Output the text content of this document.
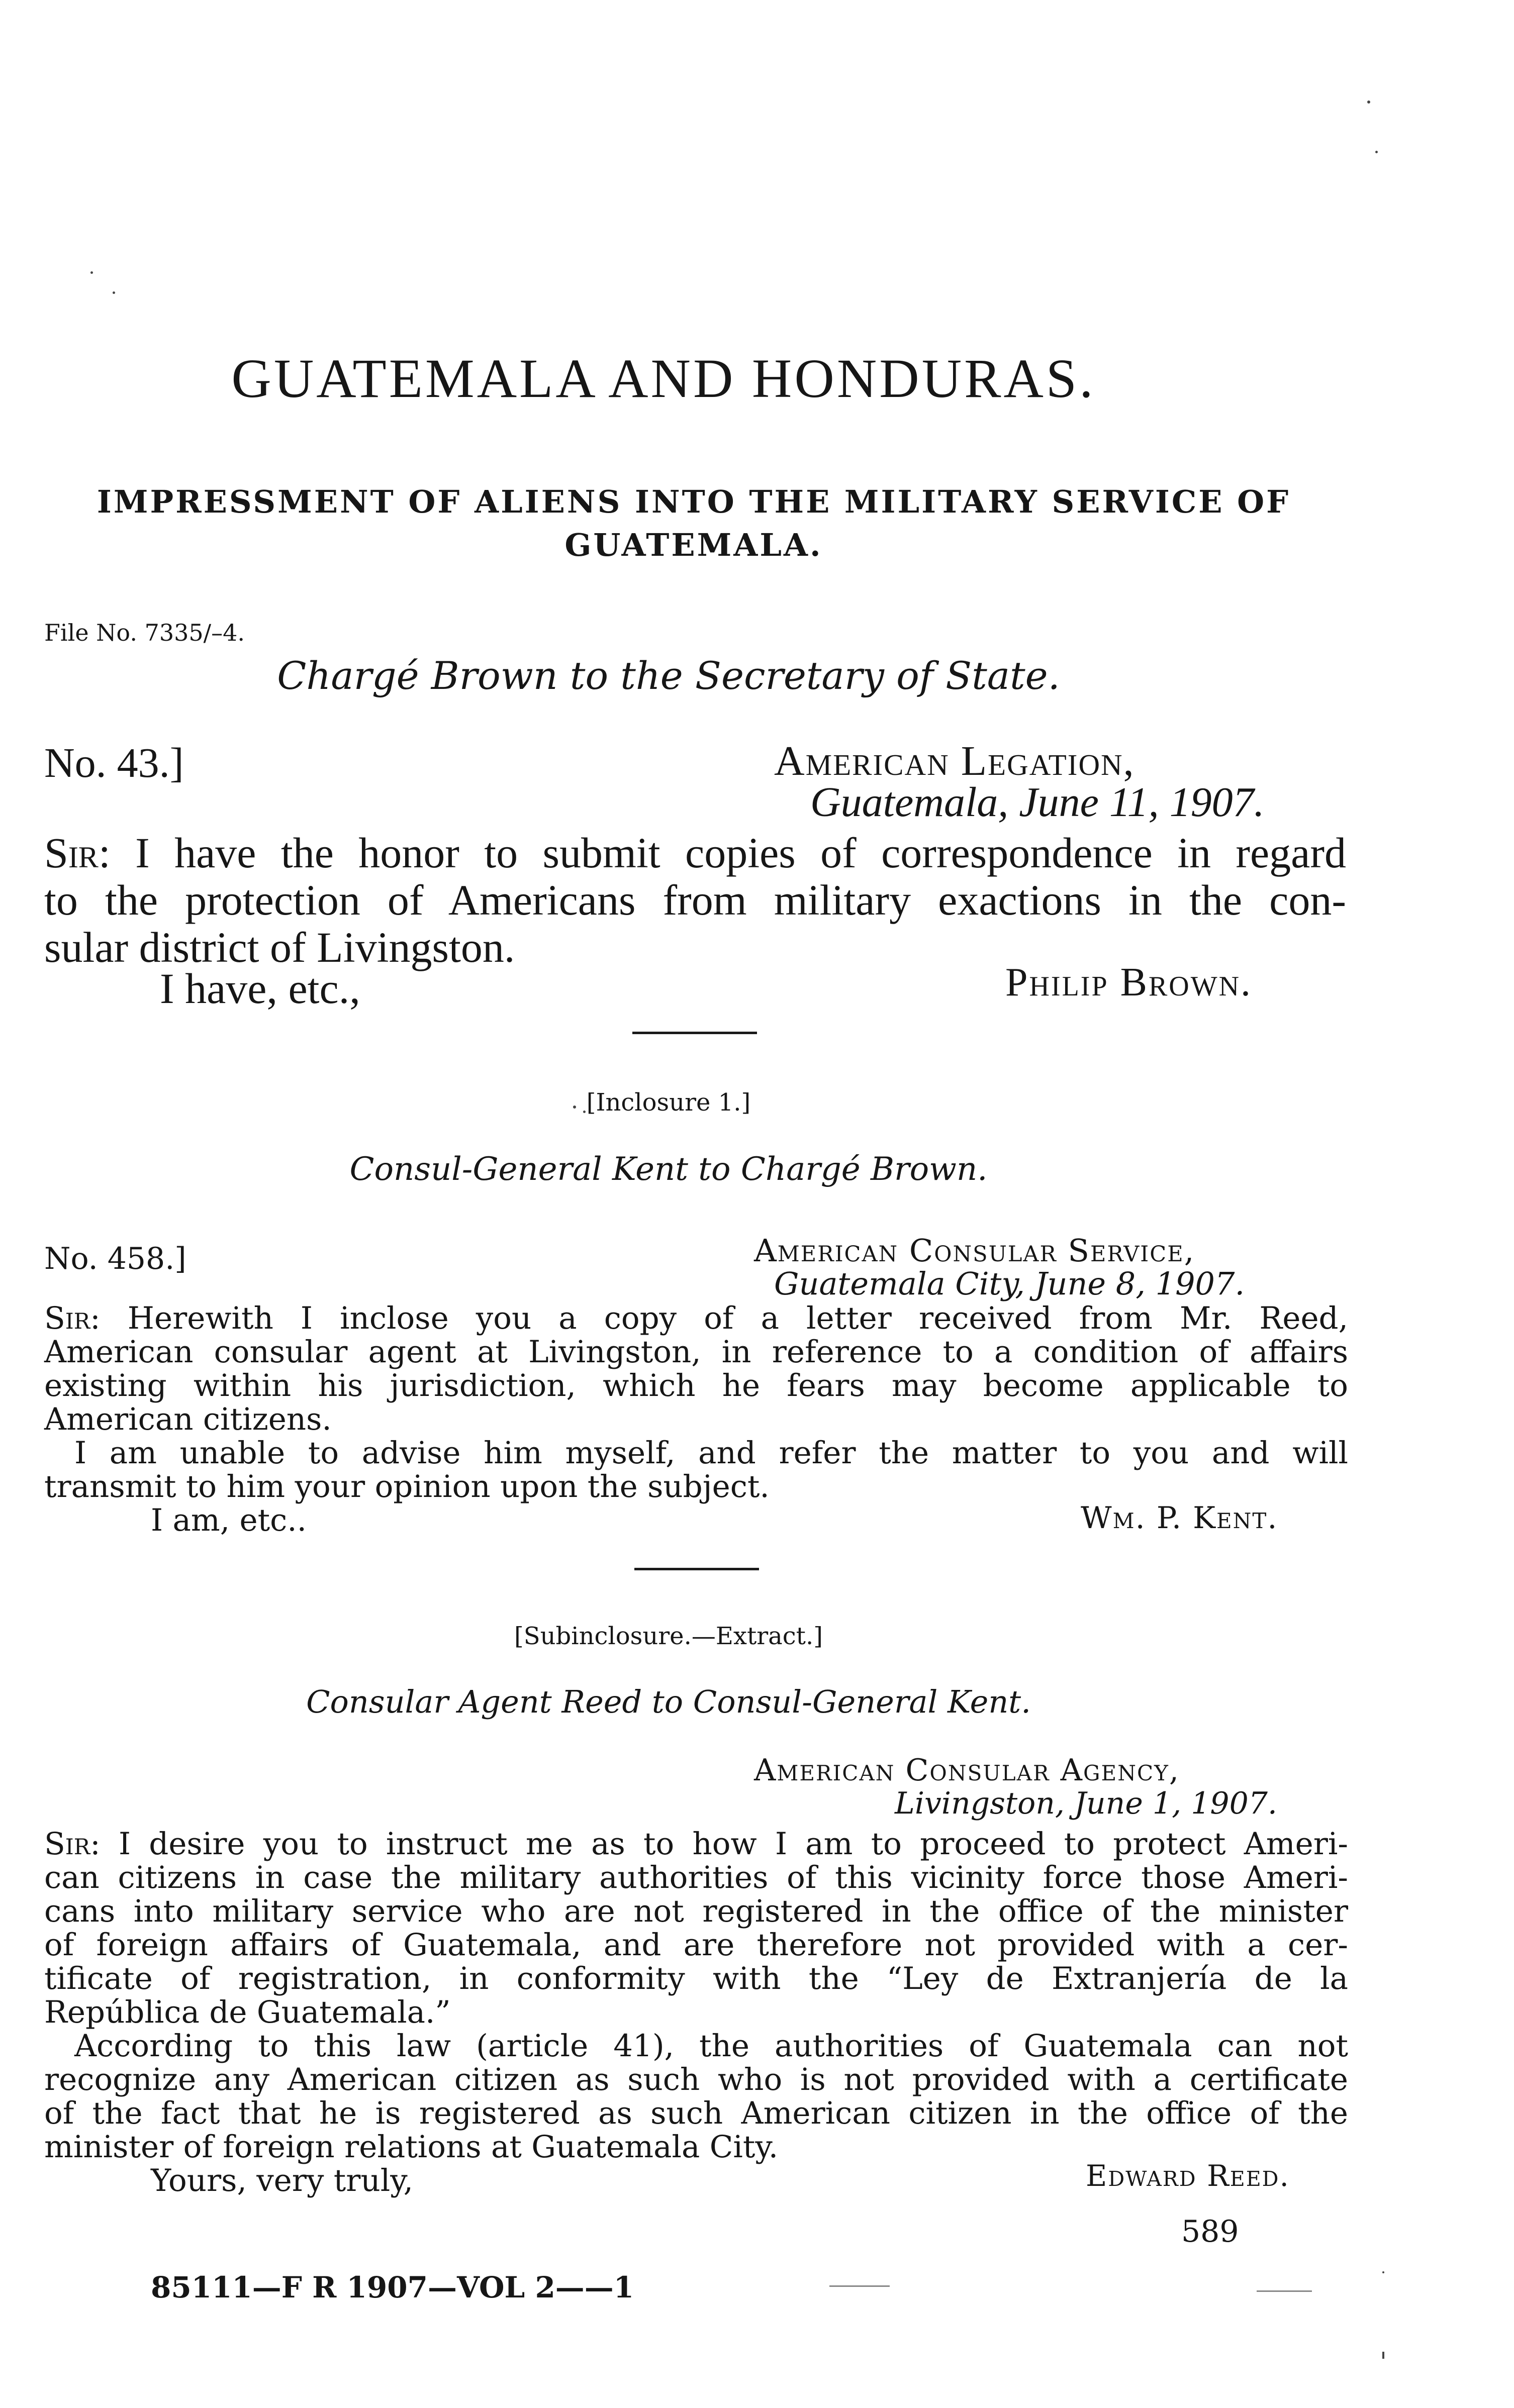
GUATEMALA AND HONDURAS.
IMPRESSMENT OF ALIENS INTO THE MILITARY SERVICE OF
GUATEMALA.
File No. 7335/–4.
Chargé Brown to the Secretary of State.
No. 43.]	American Legation,
Guatemala, June 11, 1907.
Sir: I have the honor to submit copies of correspondence in regard
to the protection of Americans from military exactions in the con-
sular district of Livingston.
I have, etc.,	Philip Brown.
[Inclosure 1.]
Consul-General Kent to Chargé Brown.
No. 458.]	American Consular Service,
Guatemala City, June 8, 1907.
Sir: Herewith I inclose you a copy of a letter received from Mr. Reed,
American consular agent at Livingston, in reference to a condition of affairs
existing within his jurisdiction, which he fears may become applicable to
American citizens.
I am unable to advise him myself, and refer the matter to you and will
transmit to him your opinion upon the subject.
I am, etc..	Wm. P. Kent.
[Subinclosure.—Extract.]
Consular Agent Reed to Consul-General Kent.
American Consular Agency,
Livingston, June 1, 1907.
Sir: I desire you to instruct me as to how I am to proceed to protect Ameri-
can citizens in case the military authorities of this vicinity force those Ameri-
cans into military service who are not registered in the office of the minister
of foreign affairs of Guatemala, and are therefore not provided with a cer-
tificate of registration, in conformity with the “Ley de Extranjería de la
República de Guatemala.”
According to this law (article 41), the authorities of Guatemala can not
recognize any American citizen as such who is not provided with a certificate
of the fact that he is registered as such American citizen in the office of the
minister of foreign relations at Guatemala City.
Yours, very truly,	Edward Reed.
589
85111—F R 1907—VOL 2——1
